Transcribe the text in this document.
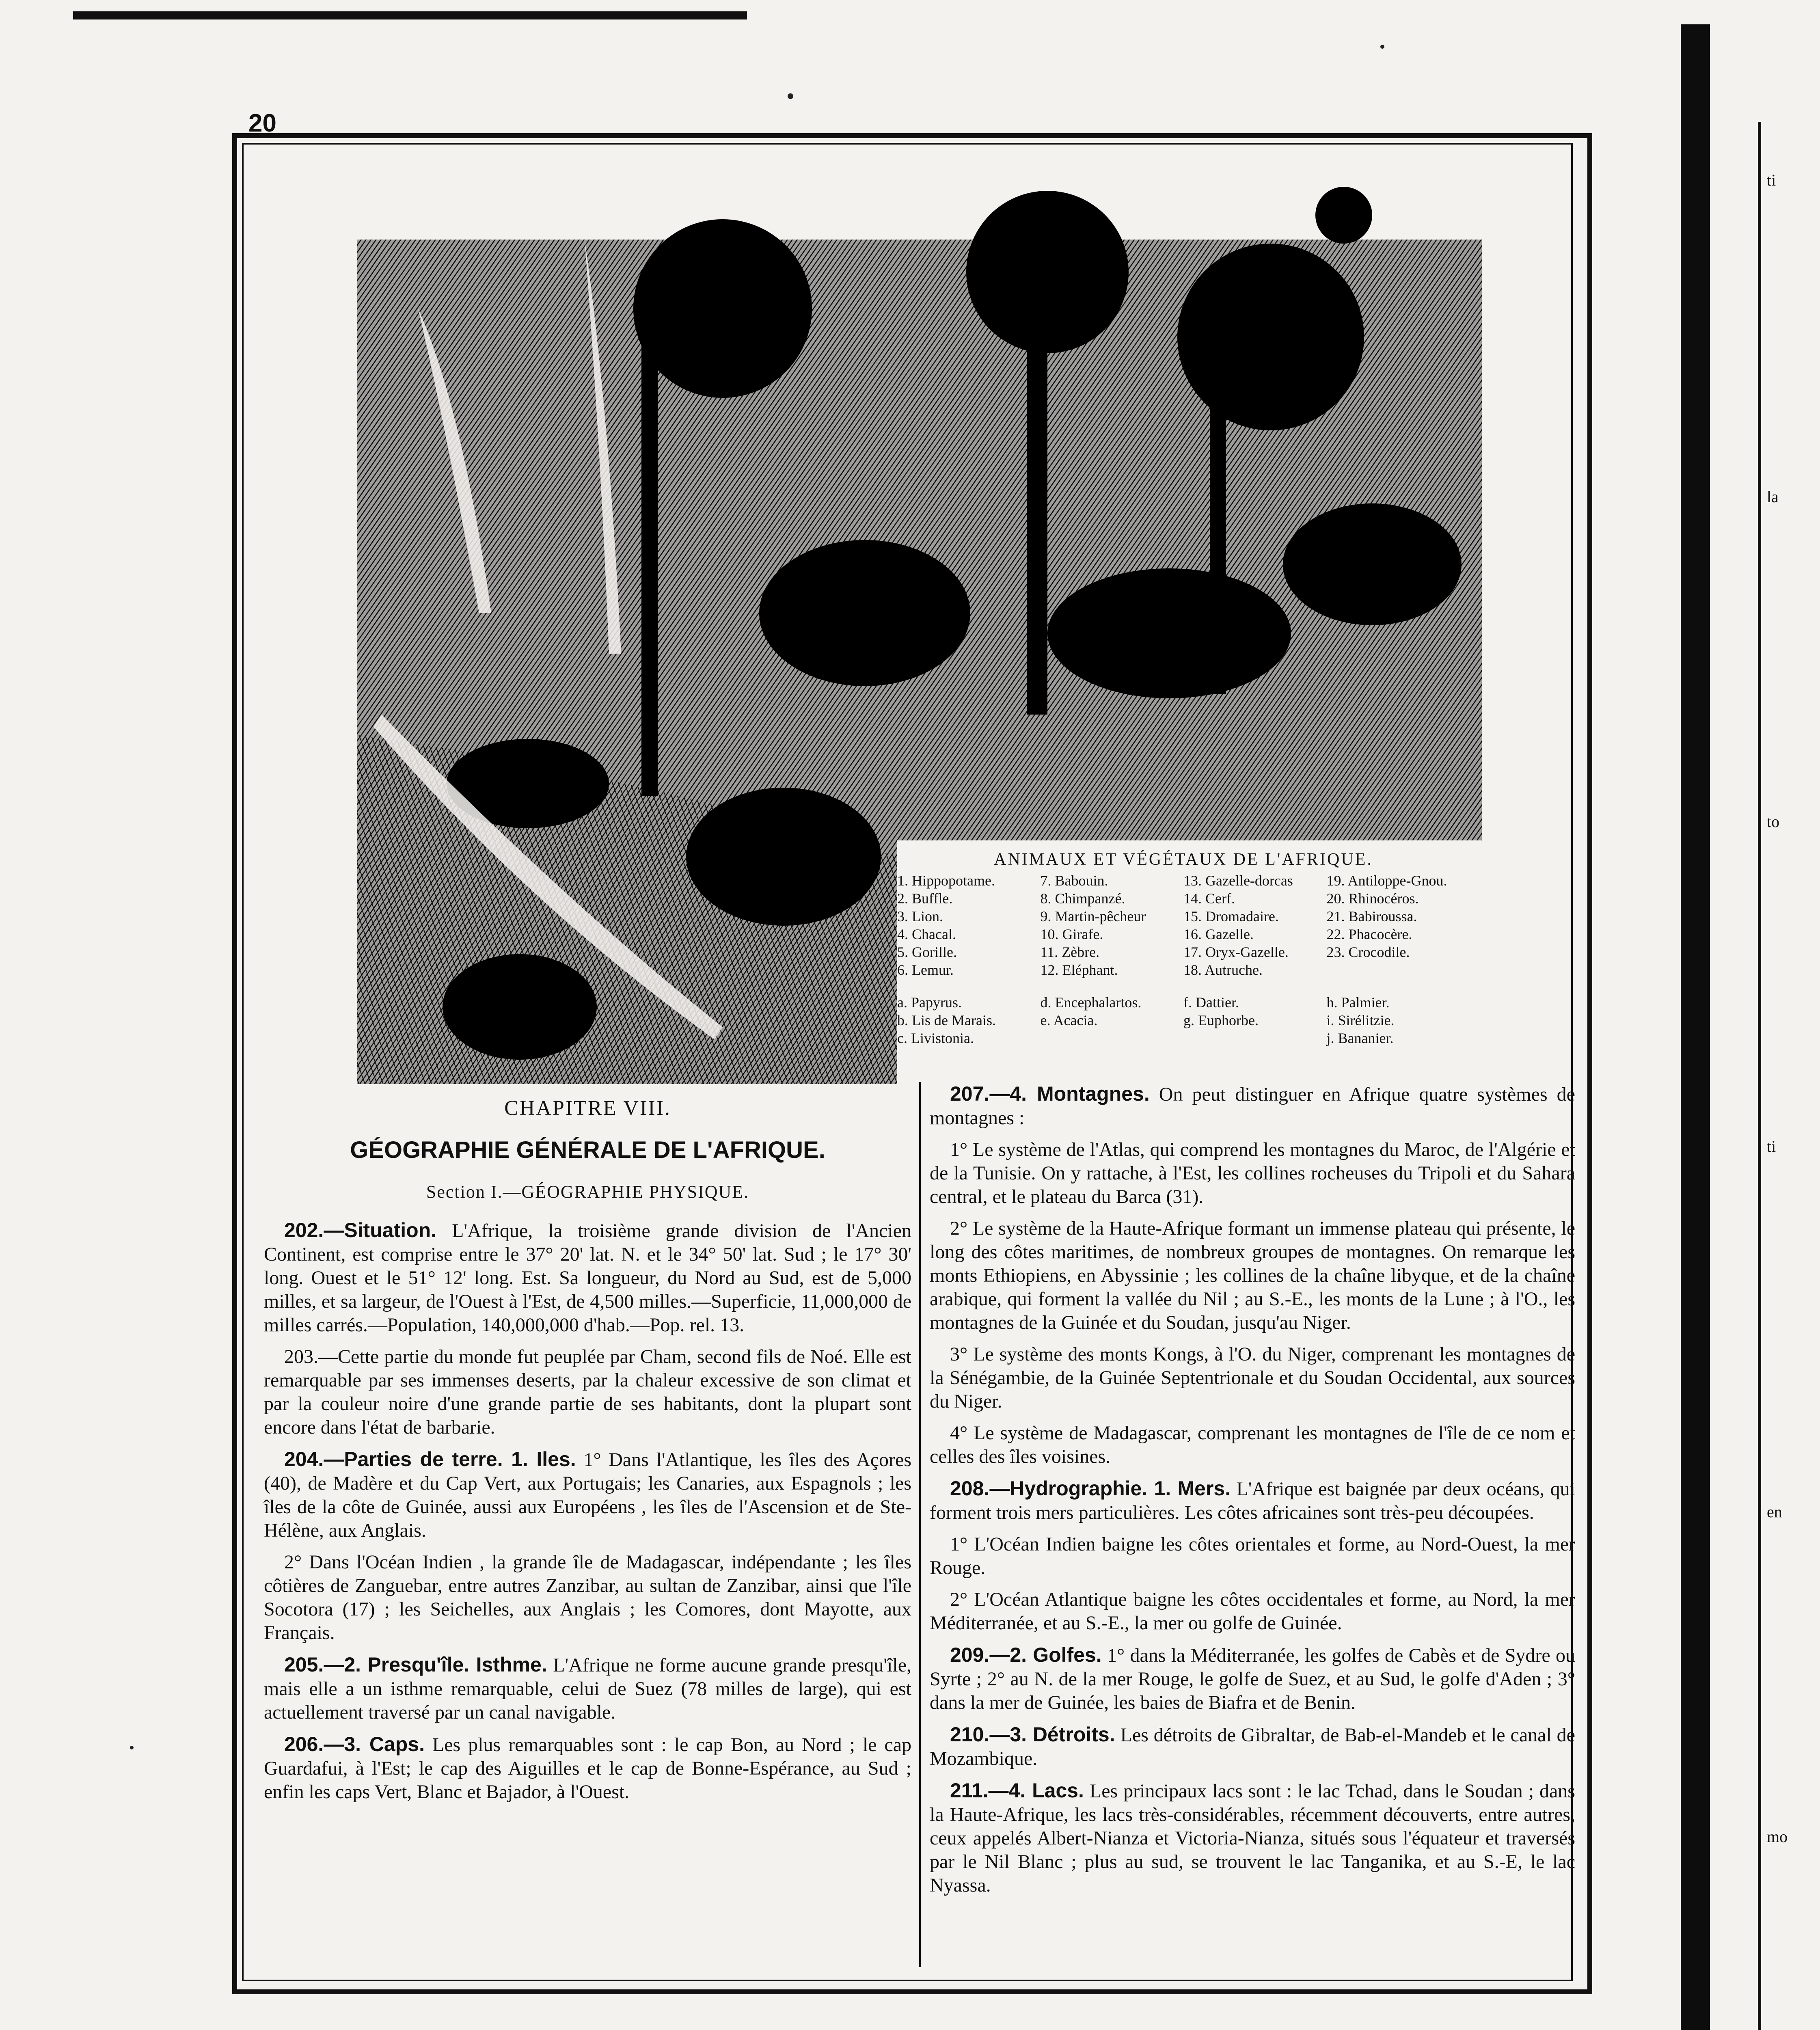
ti
la
to
ti
en
mo
20
ANIMAUX ET VÉGÉTAUX DE L'AFRIQUE.
1. Hippopotame.
2. Buffle.
3. Lion.
4. Chacal.
5. Gorille.
6. Lemur.
7. Babouin.
8. Chimpanzé.
9. Martin-pêcheur
10. Girafe.
11. Zèbre.
12. Eléphant.
13. Gazelle-dorcas
14. Cerf.
15. Dromadaire.
16. Gazelle.
17. Oryx-Gazelle.
18. Autruche.
19. Antiloppe-Gnou.
20. Rhinocéros.
21. Babiroussa.
22. Phacocère.
23. Crocodile.
a. Papyrus.
b. Lis de Marais.
c. Livistonia.
d. Encephalartos.
e. Acacia.
f. Dattier.
g. Euphorbe.
h. Palmier.
i. Sirélitzie.
j. Bananier.
CHAPITRE VIII.
GÉOGRAPHIE GÉNÉRALE DE L'AFRIQUE.
Section I.—GÉOGRAPHIE PHYSIQUE.

202.—Situation. L'Afrique, la troisième grande division de l'Ancien Continent, est comprise entre le 37° 20' lat. N. et le 34° 50' lat. Sud ; le 17° 30' long. Ouest et le 51° 12' long. Est. Sa longueur, du Nord au Sud, est de 5,000 milles, et sa largeur, de l'Ouest à l'Est, de 4,500 milles.—Superficie, 11,000,000 de milles carrés.—Population, 140,000,000 d'hab.—Pop. rel. 13.

203.—Cette partie du monde fut peuplée par Cham, second fils de Noé. Elle est remarquable par ses immenses deserts, par la chaleur excessive de son climat et par la couleur noire d'une grande partie de ses habitants, dont la plupart sont encore dans l'état de barbarie.

204.—Parties de terre. 1. Iles. 1° Dans l'Atlantique, les îles des Açores (40), de Madère et du Cap Vert, aux Portugais; les Canaries, aux Espagnols ; les îles de la côte de Guinée, aussi aux Européens , les îles de l'Ascension et de Ste-Hélène, aux Anglais.

2° Dans l'Océan Indien , la grande île de Madagascar, indépendante ; les îles côtières de Zanguebar, entre autres Zanzibar, au sultan de Zanzibar, ainsi que l'île Socotora (17) ; les Seichelles, aux Anglais ; les Comores, dont Mayotte, aux Français.

205.—2. Presqu'île. Isthme. L'Afrique ne forme aucune grande presqu'île, mais elle a un isthme remarquable, celui de Suez (78 milles de large), qui est actuellement traversé par un canal navigable.

206.—3. Caps. Les plus remarquables sont : le cap Bon, au Nord ; le cap Guardafui, à l'Est; le cap des Aiguilles et le cap de Bonne-Espérance, au Sud ; enfin les caps Vert, Blanc et Bajador, à l'Ouest.

207.—4. Montagnes. On peut distinguer en Afrique quatre systèmes de montagnes :

1° Le système de l'Atlas, qui comprend les montagnes du Maroc, de l'Algérie et de la Tunisie. On y rattache, à l'Est, les collines rocheuses du Tripoli et du Sahara central, et le plateau du Barca (31).

2° Le système de la Haute-Afrique formant un immense plateau qui présente, le long des côtes maritimes, de nombreux groupes de montagnes. On remarque les monts Ethiopiens, en Abyssinie ; les collines de la chaîne libyque, et de la chaîne arabique, qui forment la vallée du Nil ; au S.-E., les monts de la Lune ; à l'O., les montagnes de la Guinée et du Soudan, jusqu'au Niger.

3° Le système des monts Kongs, à l'O. du Niger, comprenant les montagnes de la Sénégambie, de la Guinée Septentrionale et du Soudan Occidental, aux sources du Niger.

4° Le système de Madagascar, comprenant les montagnes de l'île de ce nom et celles des îles voisines.

208.—Hydrographie. 1. Mers. L'Afrique est baignée par deux océans, qui forment trois mers particulières. Les côtes africaines sont très-peu découpées.

1° L'Océan Indien baigne les côtes orientales et forme, au Nord-Ouest, la mer Rouge.

2° L'Océan Atlantique baigne les côtes occidentales et forme, au Nord, la mer Méditerranée, et au S.-E., la mer ou golfe de Guinée.

209.—2. Golfes. 1° dans la Méditerranée, les golfes de Cabès et de Sydre ou Syrte ; 2° au N. de la mer Rouge, le golfe de Suez, et au Sud, le golfe d'Aden ; 3° dans la mer de Guinée, les baies de Biafra et de Benin.

210.—3. Détroits. Les détroits de Gibraltar, de Bab-el-Mandeb et le canal de Mozambique.

211.—4. Lacs. Les principaux lacs sont : le lac Tchad, dans le Soudan ; dans la Haute-Afrique, les lacs très-considérables, récemment découverts, entre autres, ceux appelés Albert-Nianza et Victoria-Nianza, situés sous l'équateur et traversés par le Nil Blanc ; plus au sud, se trouvent le lac Tanganika, et au S.-E, le lac Nyassa.
